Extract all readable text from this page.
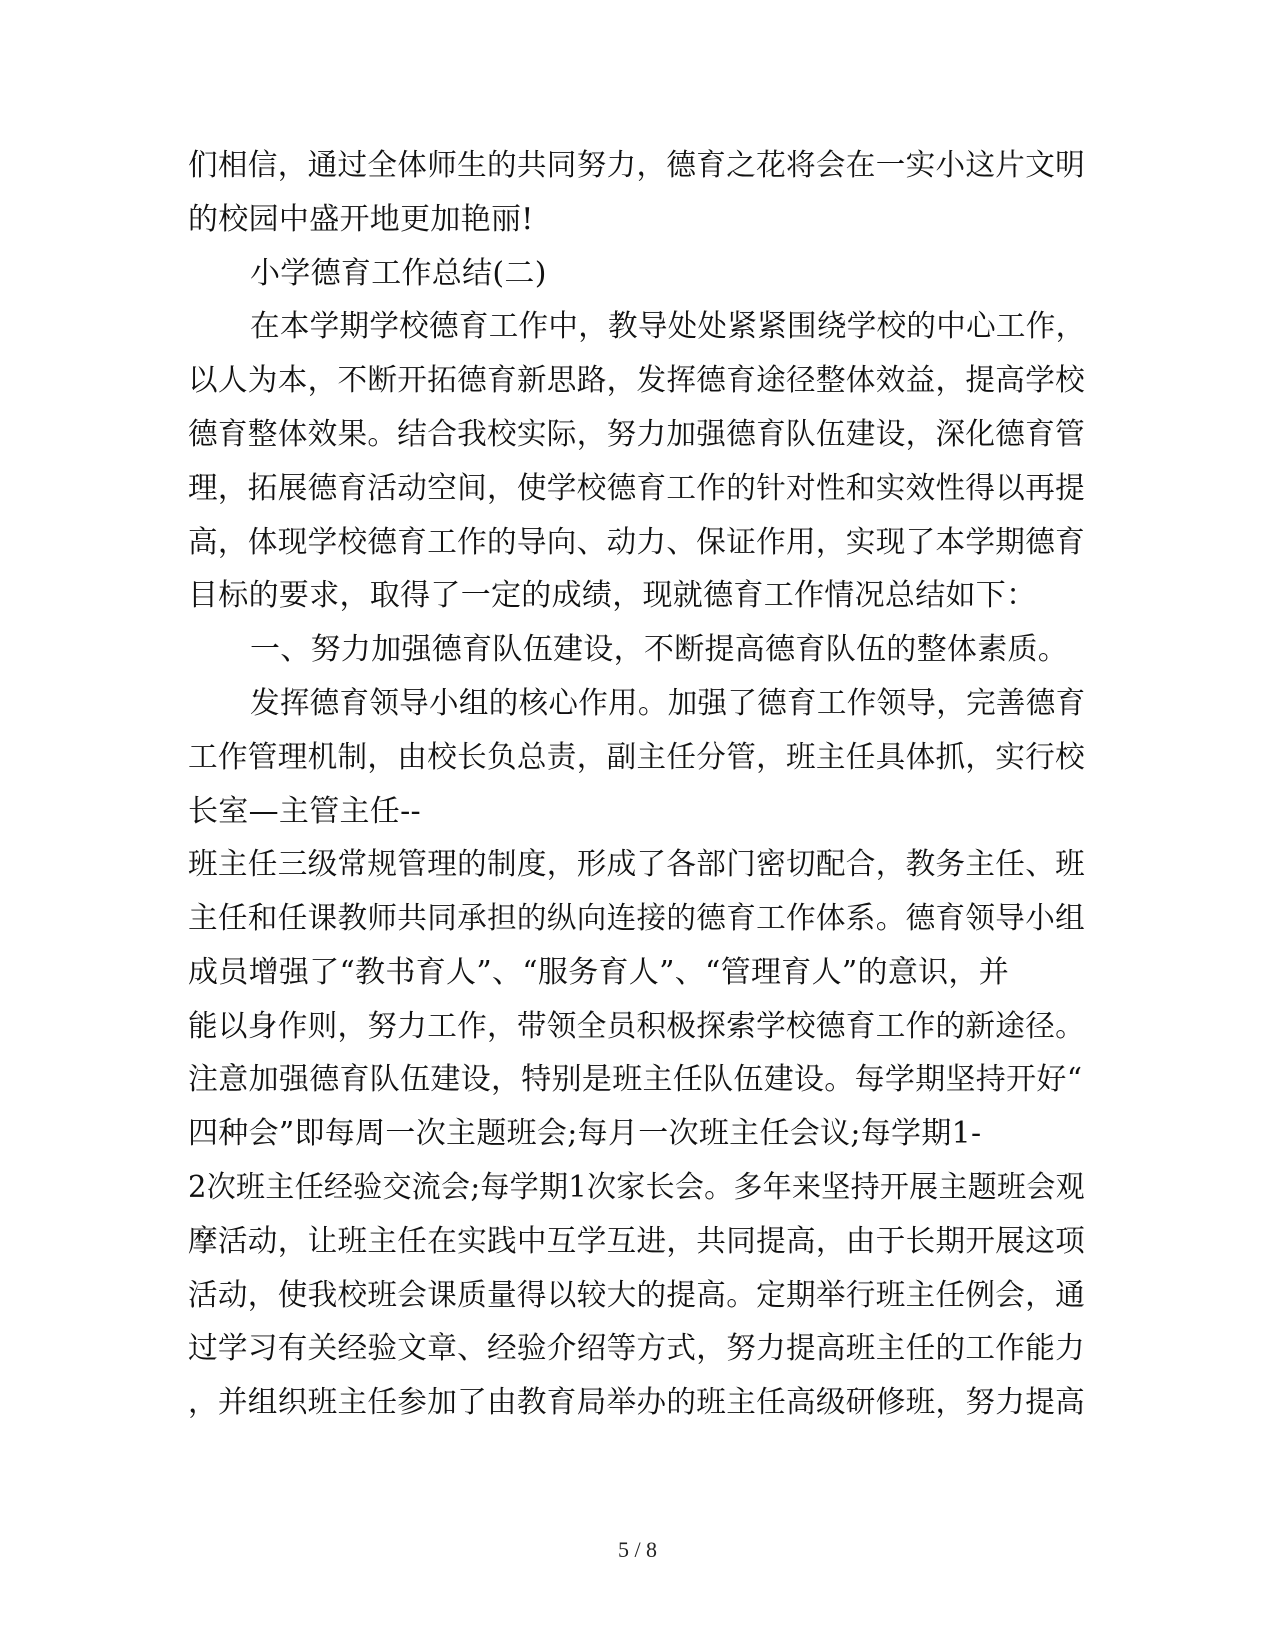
们相信，通过全体师生的共同努力，德育之花将会在一实小这片文明
的校园中盛开地更加艳丽!
小学德育工作总结(二)
在本学期学校德育工作中，教导处处紧紧围绕学校的中心工作，
以人为本，不断开拓德育新思路，发挥德育途径整体效益，提高学校
德育整体效果。结合我校实际，努力加强德育队伍建设，深化德育管
理，拓展德育活动空间，使学校德育工作的针对性和实效性得以再提
高，体现学校德育工作的导向、动力、保证作用，实现了本学期德育
目标的要求，取得了一定的成绩，现就德育工作情况总结如下：
一、努力加强德育队伍建设，不断提高德育队伍的整体素质。
发挥德育领导小组的核心作用。加强了德育工作领导，完善德育
工作管理机制，由校长负总责，副主任分管，班主任具体抓，实行校
长室—主管主任--
班主任三级常规管理的制度，形成了各部门密切配合，教务主任、班
主任和任课教师共同承担的纵向连接的德育工作体系。德育领导小组
成员增强了“教书育人”、“服务育人”、“管理育人”的意识，并
能以身作则，努力工作，带领全员积极探索学校德育工作的新途径。
注意加强德育队伍建设，特别是班主任队伍建设。每学期坚持开好“
四种会”即每周一次主题班会;每月一次班主任会议;每学期1-
2次班主任经验交流会;每学期1次家长会。多年来坚持开展主题班会观
摩活动，让班主任在实践中互学互进，共同提高，由于长期开展这项
活动，使我校班会课质量得以较大的提高。定期举行班主任例会，通
过学习有关经验文章、经验介绍等方式，努力提高班主任的工作能力
，并组织班主任参加了由教育局举办的班主任高级研修班，努力提高
5 / 8
